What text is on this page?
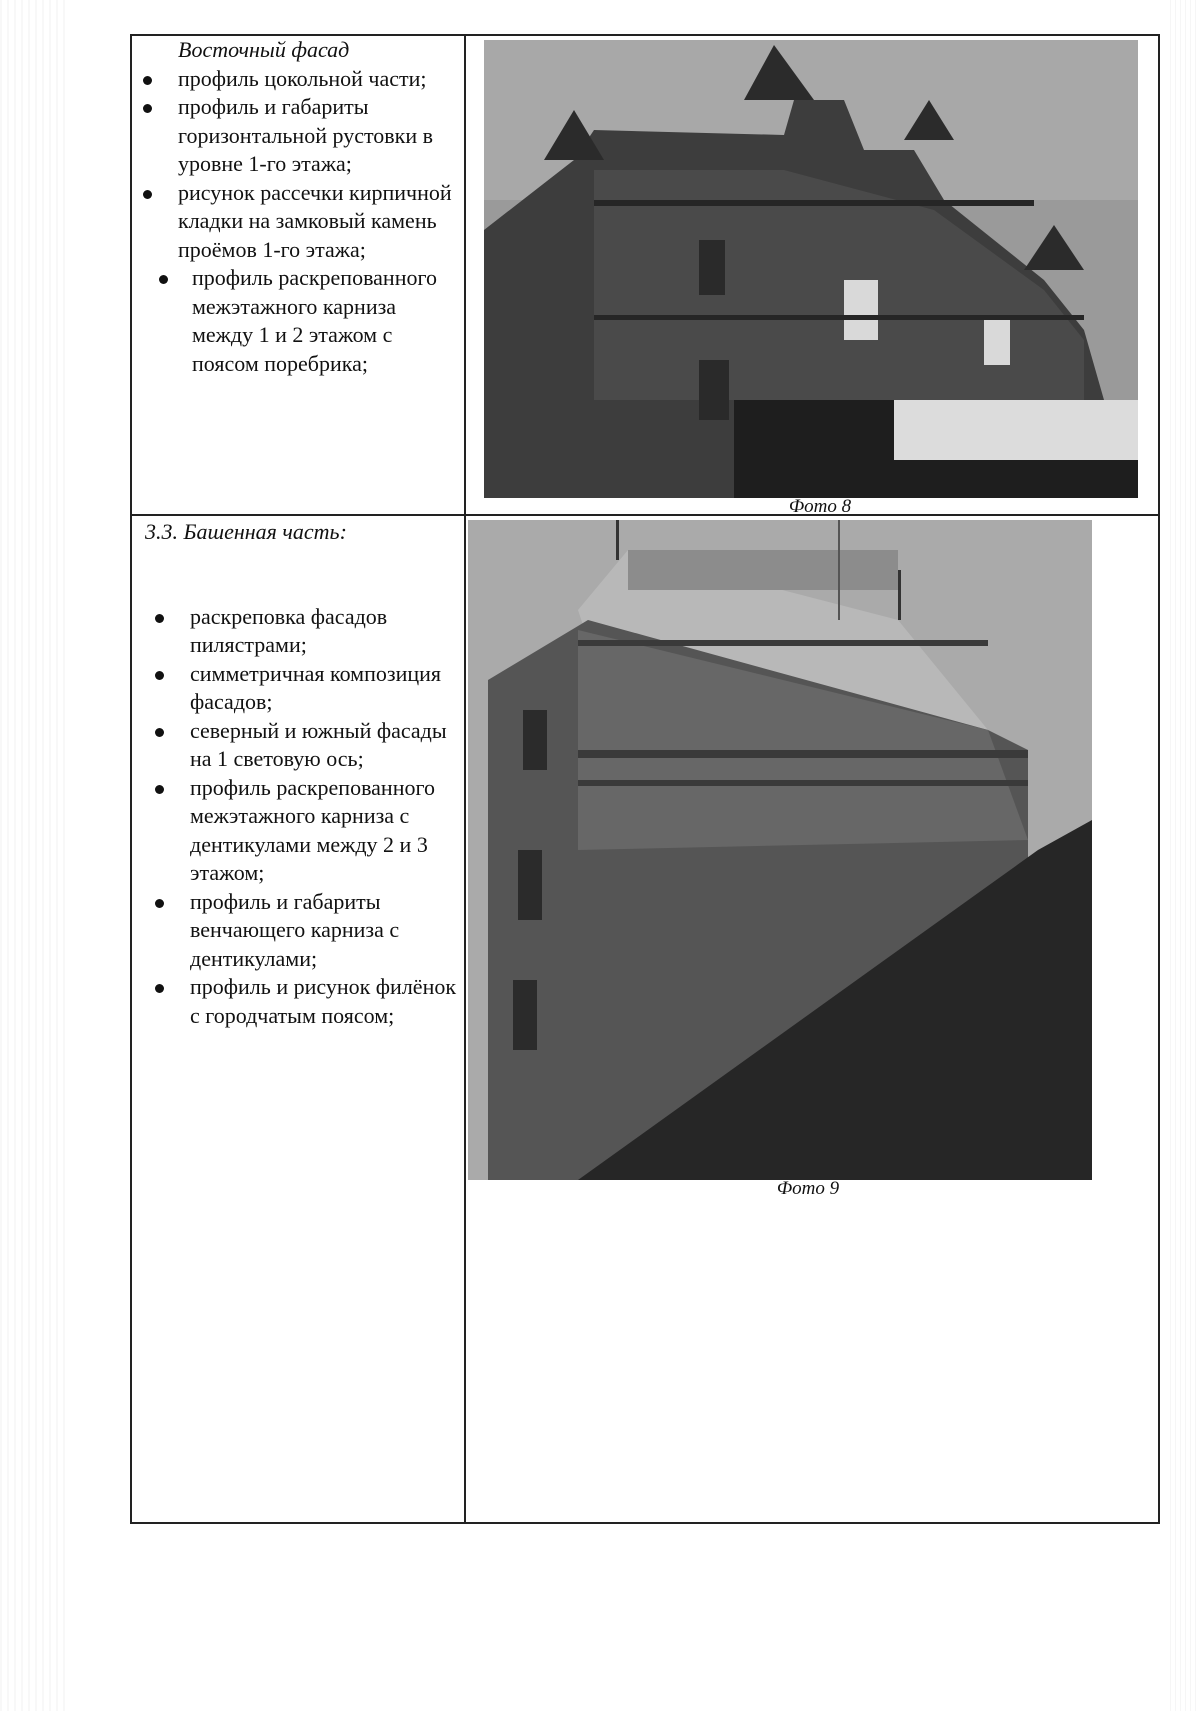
Восточный фасад
профиль цокольной части;
профиль и габариты горизонтальной рустовки в уровне 1-го этажа;
рисунок рассечки кирпичной кладки на замковый камень проёмов 1-го этажа;
профиль раскрепованного межэтажного карниза между 1 и 2 этажом с поясом поребрика;
3.3. Башенная часть:
раскреповка фасадов пилястрами;
симметричная композиция фасадов;
северный и южный фасады на 1 световую ось;
профиль раскрепованного межэтажного карниза с дентикулами между 2 и 3 этажом;
профиль и габариты венчающего карниза с дентикулами;
профиль и рисунок филёнок с городчатым поясом;
Фото 8
Фото 9
